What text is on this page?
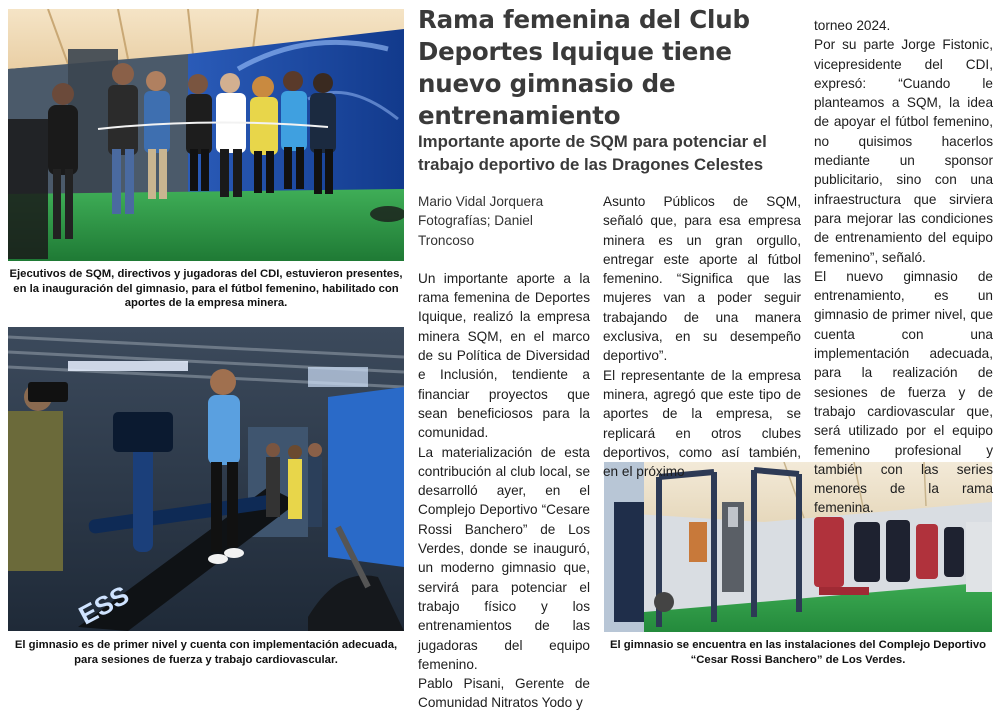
Ejecutivos de SQM, directivos y jugadoras del CDI, estuvieron presentes, en la inauguración del gimnasio, para el fútbol femenino, habilitado con aportes de la empresa minera.
ESS
El gimnasio es de primer nivel y cuenta con implementación adecuada, para sesiones de fuerza y trabajo cardiovascular.
El gimnasio se encuentra en las instalaciones del Complejo Deportivo “Cesar Rossi Banchero” de Los Verdes.
Rama femenina del Club Deportes Iquique tiene nuevo gimnasio de entrenamiento
Importante aporte de SQM para potenciar el trabajo deportivo de las Dragones Celestes

Mario Vidal Jorquera

Fotografías; Daniel Troncoso

Un importante aporte a la rama femenina de Deportes Iquique, realizó la empresa minera SQM, en el marco de su Política de Diversidad e Inclusión, tendiente a financiar proyectos que sean beneficiosos para la comunidad.

La materialización de esta contribución al club local, se desarrolló ayer, en el Complejo Deportivo “Cesare Rossi Banchero” de Los Verdes, donde se inauguró, un moderno gimnasio que, servirá para potenciar el trabajo físico y los entrenamientos de las jugadoras del equipo femenino.

Pablo Pisani, Gerente de Comunidad Nitratos Yodo y

Asunto Públicos de SQM, señaló que, para esa empresa minera es un gran orgullo, entregar este aporte al fútbol femenino. “Significa que las mujeres van a poder seguir trabajando de una manera exclusiva, en su desempeño deportivo”.

El representante de la empresa minera, agregó que este tipo de aportes de la empresa, se replicará en otros clubes deportivos, como así también, en el próximo

torneo 2024.

Por su parte Jorge Fistonic, vicepresidente del CDI, expresó: “Cuando le planteamos a SQM, la idea de apoyar el fútbol femenino, no quisimos hacerlos mediante un sponsor publicitario, sino con una infraestructura que sirviera para mejorar las condiciones de entrenamiento del equipo femenino”, señaló.

El nuevo gimnasio de entrenamiento, es un gimnasio de primer nivel, que cuenta con una implementación adecuada, para la realización de sesiones de fuerza y de trabajo cardiovascular que, será utilizado por el equipo femenino profesional y también con las series menores de la rama femenina.
